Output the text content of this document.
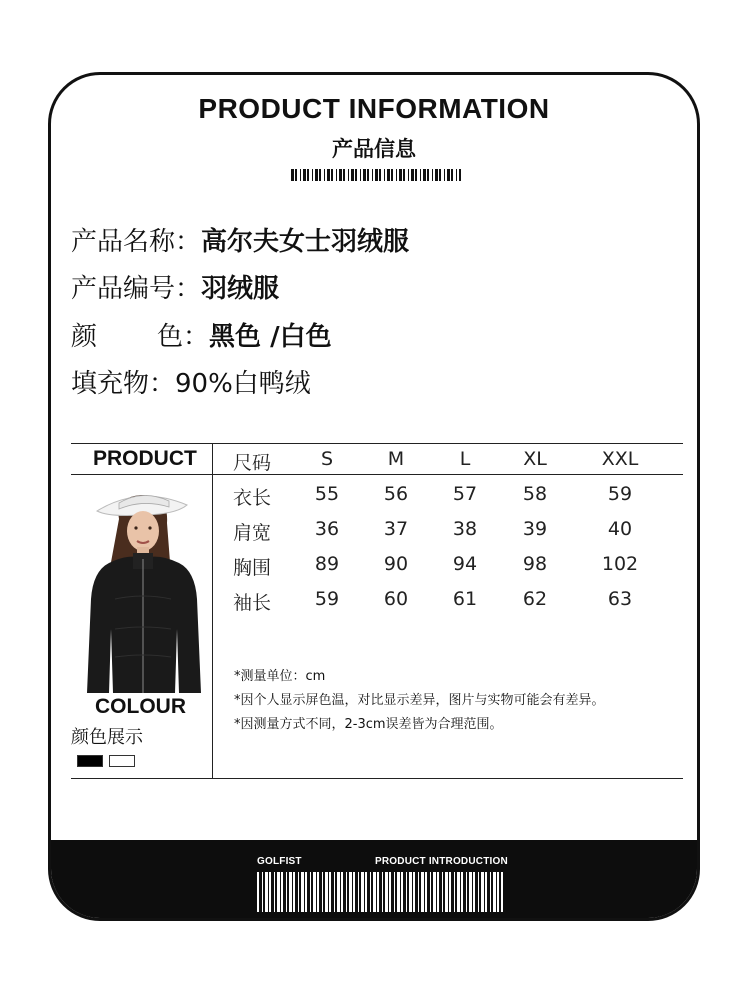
PRODUCT INFORMATION
产品信息
产品名称：高尔夫女士羽绒服
产品编号：羽绒服
颜 色：黑色 /白色
填充物：90%白鸭绒
PRODUCT 尺码	S	M	L	XL	XXL
衣长	55	56	57	58	59
肩宽	36	37	38	39	40
胸围	89	90	94	98	102
袖长	59	60	61	62	63
COLOUR
颜色展示
*测量单位：cm
*因个人显示屏色温，对比显示差异，图片与实物可能会有差异。
*因测量方式不同，2-3cm误差皆为合理范围。
GOLFIST	PRODUCT INTRODUCTION
